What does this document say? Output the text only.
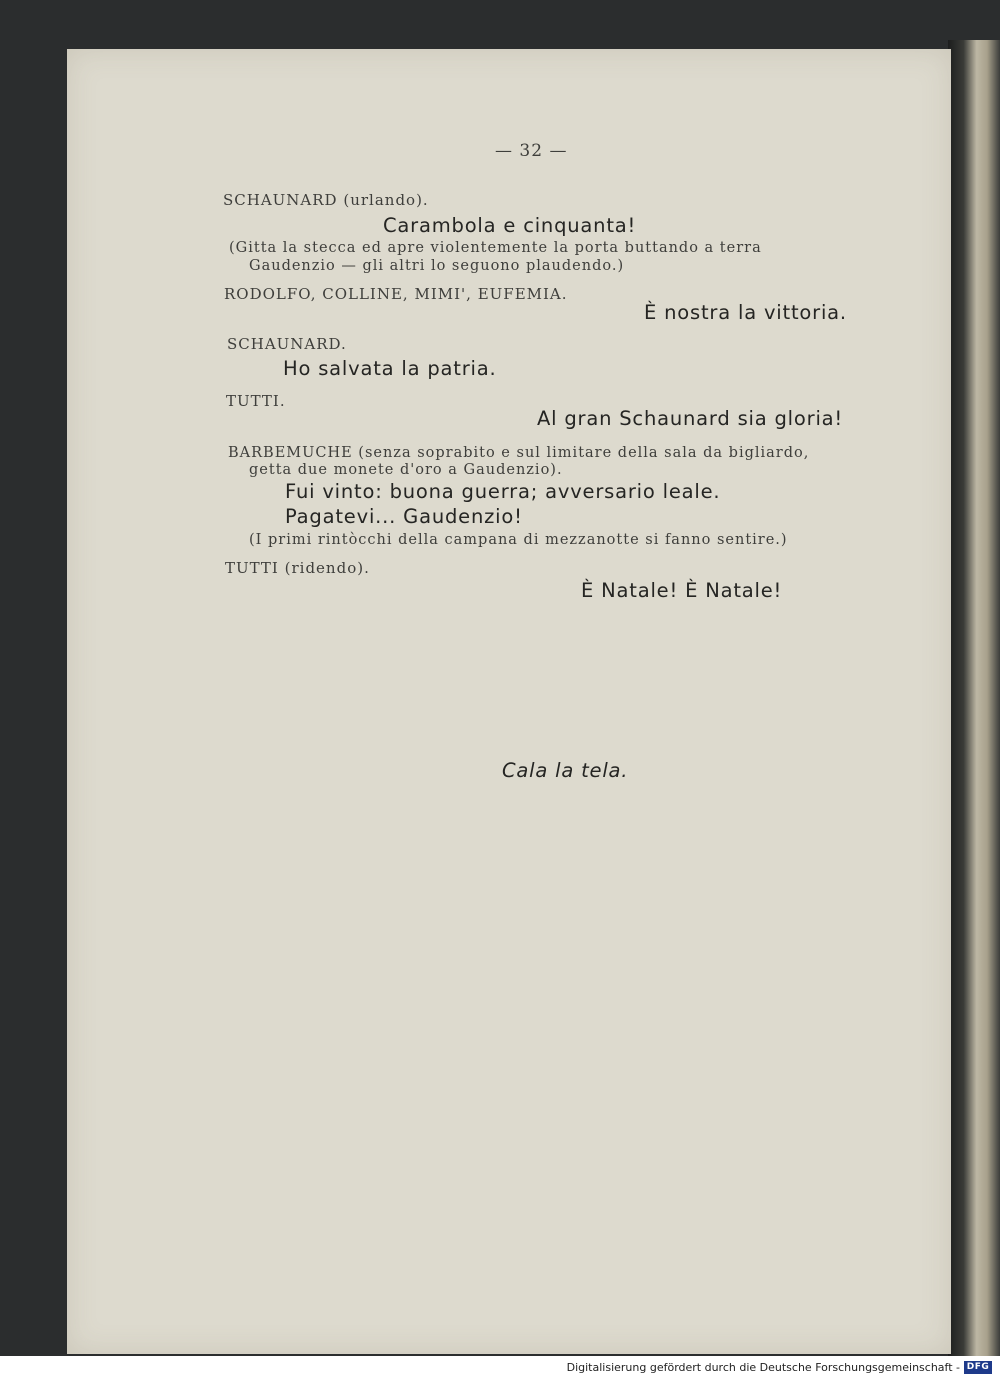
— 32 —
SCHAUNARD (urlando).
Carambola e cinquanta!
(Gitta la stecca ed apre violentemente la porta buttando a terra
Gaudenzio — gli altri lo seguono plaudendo.)
RODOLFO, COLLINE, MIMI', EUFEMIA.
È nostra la vittoria.
SCHAUNARD.
Ho salvata la patria.
TUTTI.
Al gran Schaunard sia gloria!
BARBEMUCHE (senza soprabito e sul limitare della sala da bigliardo,
getta due monete d'oro a Gaudenzio).
Fui vinto: buona guerra; avversario leale.
Pagatevi... Gaudenzio!
(I primi rintòcchi della campana di mezzanotte si fanno sentire.)
TUTTI (ridendo).
È Natale! È Natale!
Cala la tela.
Digitalisierung gefördert durch die Deutsche Forschungsgemeinschaft - DFG
